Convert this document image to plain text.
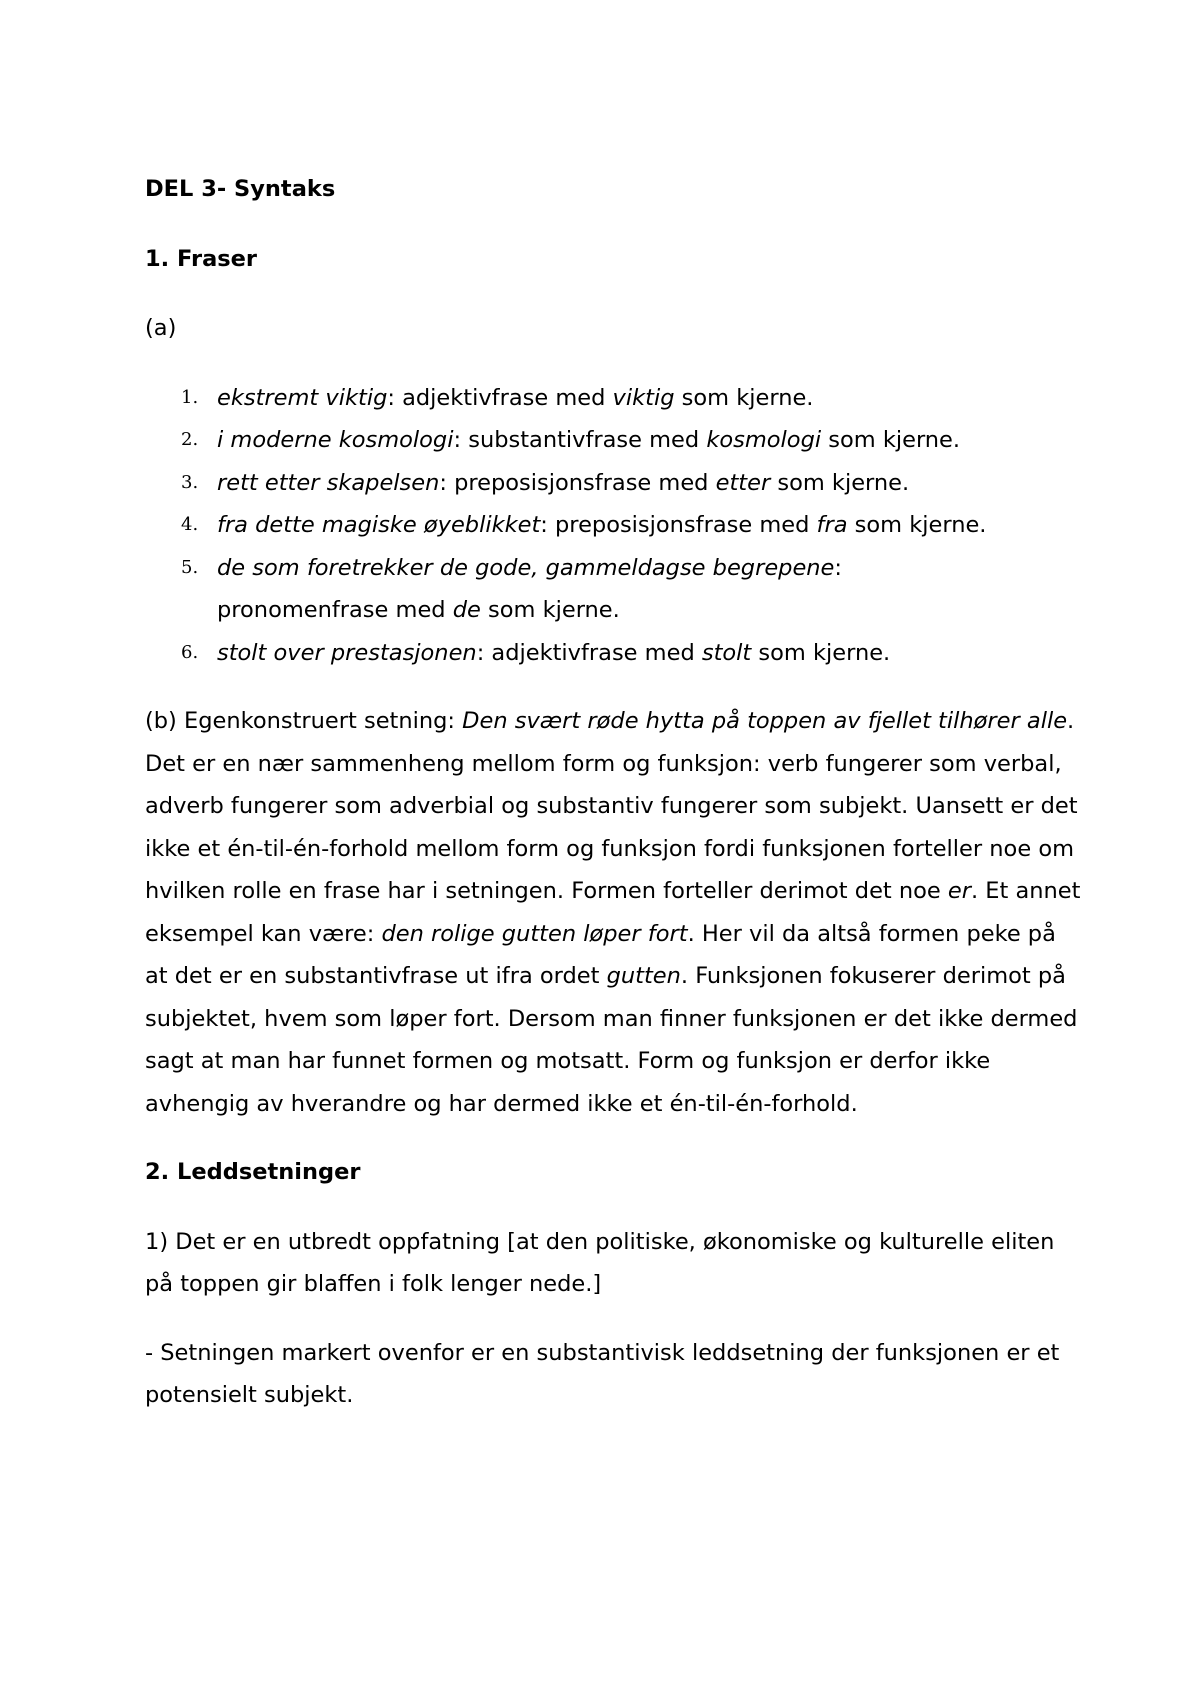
DEL 3- Syntaks

1. Fraser

(a)

1. ekstremt viktig: adjektivfrase med viktig som kjerne.
2. i moderne kosmologi: substantivfrase med kosmologi som kjerne.
3. rett etter skapelsen: preposisjonsfrase med etter som kjerne.
4. fra dette magiske øyeblikket: preposisjonsfrase med fra som kjerne.
5. de som foretrekker de gode, gammeldagse begrepene:
pronomenfrase med de som kjerne.
6. stolt over prestasjonen: adjektivfrase med stolt som kjerne.

(b) Egenkonstruert setning: Den svært røde hytta på toppen av fjellet tilhører alle. Det er en nær sammenheng mellom form og funksjon: verb fungerer som verbal, adverb fungerer som adverbial og substantiv fungerer som subjekt. Uansett er det ikke et én-til-én-forhold mellom form og funksjon fordi funksjonen forteller noe om hvilken rolle en frase har i setningen. Formen forteller derimot det noe er. Et annet eksempel kan være: den rolige gutten løper fort. Her vil da altså formen peke på at det er en substantivfrase ut ifra ordet gutten. Funksjonen fokuserer derimot på subjektet, hvem som løper fort. Dersom man finner funksjonen er det ikke dermed sagt at man har funnet formen og motsatt. Form og funksjon er derfor ikke avhengig av hverandre og har dermed ikke et én-til-én-forhold.

2. Leddsetninger

1) Det er en utbredt oppfatning [at den politiske, økonomiske og kulturelle eliten på toppen gir blaffen i folk lenger nede.]

- Setningen markert ovenfor er en substantivisk leddsetning der funksjonen er et potensielt subjekt.
